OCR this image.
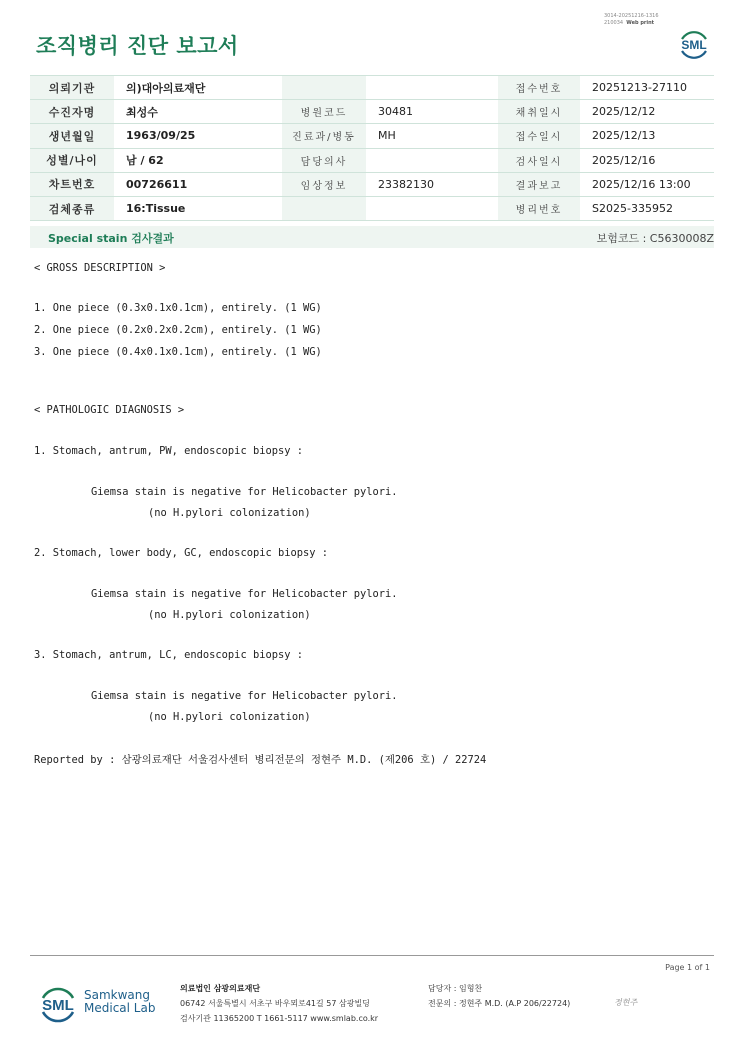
조직병리 진단 보고서
3014-20251216-1316
210034 Web print
SML
의뢰기관	의)대아의료재단			접수번호	20251213-27110
수진자명	최성수	병원코드	30481	채취일시	2025/12/12
생년월일	1963/09/25	진료과/병동	MH	접수일시	2025/12/13
성별/나이	남 / 62	담당의사		검사일시	2025/12/16
차트번호	00726611	임상정보	23382130	결과보고	2025/12/16 13:00
검체종류	16:Tissue			병리번호	S2025-335952
Special stain 검사결과	보험코드 : C5630008Z
< GROSS DESCRIPTION >
1. One piece (0.3x0.1x0.1cm), entirely. (1 WG)
2. One piece (0.2x0.2x0.2cm), entirely. (1 WG)
3. One piece (0.4x0.1x0.1cm), entirely. (1 WG)
< PATHOLOGIC DIAGNOSIS >
1. Stomach, antrum, PW, endoscopic biopsy :
Giemsa stain is negative for Helicobacter pylori.
(no H.pylori colonization)
2. Stomach, lower body, GC, endoscopic biopsy :
Giemsa stain is negative for Helicobacter pylori.
(no H.pylori colonization)
3. Stomach, antrum, LC, endoscopic biopsy :
Giemsa stain is negative for Helicobacter pylori.
(no H.pylori colonization)
Reported by : 삼광의료재단 서울검사센터 병리전문의 정현주 M.D. (제206 호) / 22724
Page 1 of 1
SML
Samkwang
Medical Lab
의료법인 삼광의료재단
06742 서울특별시 서초구 바우뫼로41길 57 삼광빌딩
검사기관 11365200 T 1661-5117 www.smlab.co.kr
담당자 : 임형찬
전문의 : 정현주 M.D. (A.P 206/22724)	정현주
